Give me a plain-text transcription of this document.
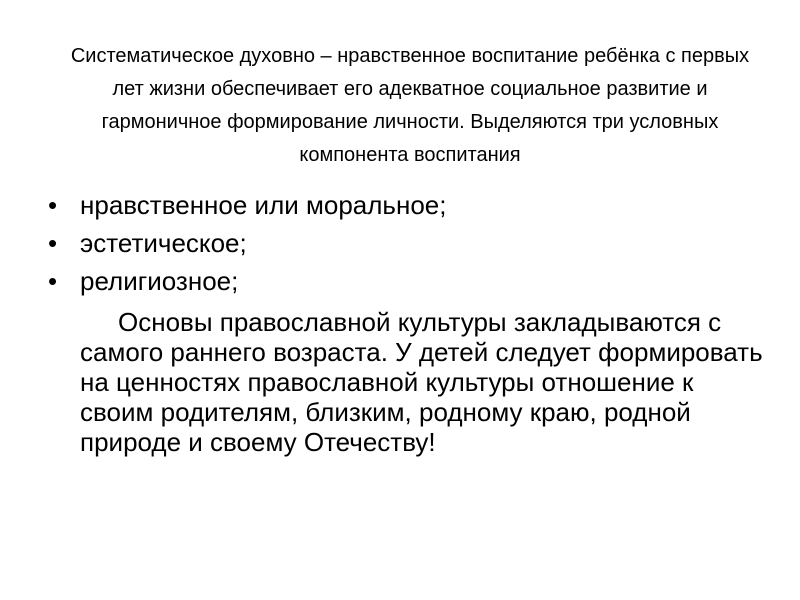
Систематическое духовно – нравственное воспитание ребёнка с первых лет жизни обеспечивает его адекватное социальное развитие и гармоничное формирование личности. Выделяются три условных компонента воспитания
• нравственное или моральное;
• эстетическое;
• религиозное;

Основы православной культуры закладываются с самого раннего возраста. У детей следует формировать на ценностях православной культуры отношение к своим родителям, близким, родному краю, родной природе и своему Отечеству!
